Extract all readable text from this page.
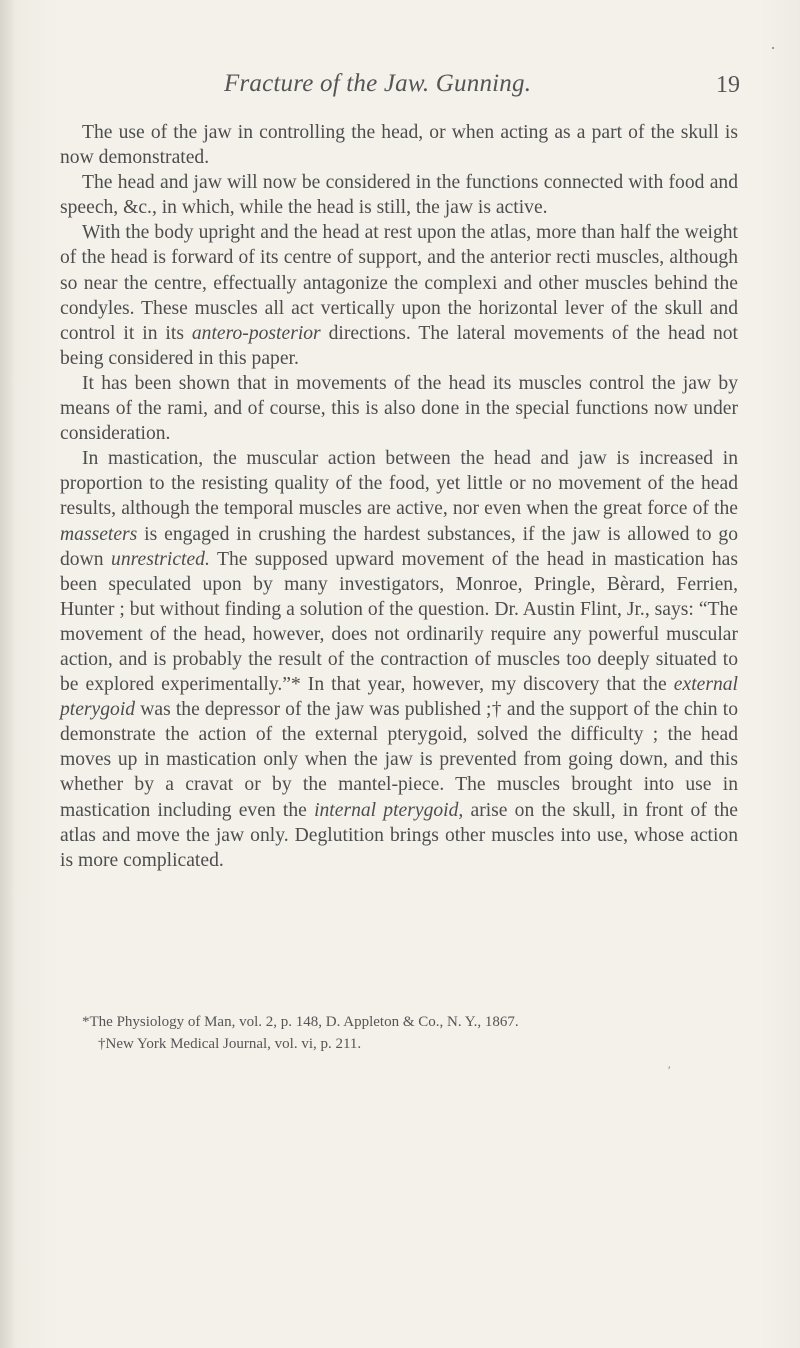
Fracture of the Jaw. Gunning.	19
·

The use of the jaw in controlling the head, or when acting as a part of the skull is now demonstrated.

The head and jaw will now be considered in the functions connected with food and speech, &c., in which, while the head is still, the jaw is active.

With the body upright and the head at rest upon the atlas, more than half the weight of the head is forward of its centre of support, and the anterior recti muscles, although so near the centre, effectually antagonize the complexi and other muscles behind the condyles. These muscles all act vertically upon the horizontal lever of the skull and control it in its antero-posterior directions. The lateral movements of the head not being considered in this paper.

It has been shown that in movements of the head its muscles control the jaw by means of the rami, and of course, this is also done in the special functions now under consideration.

In mastication, the muscular action between the head and jaw is increased in proportion to the resisting quality of the food, yet little or no movement of the head results, although the temporal muscles are active, nor even when the great force of the masseters is engaged in crushing the hardest substances, if the jaw is allowed to go down unrestricted. The supposed upward movement of the head in mastication has been speculated upon by many investigators, Monroe, Pringle, Bèrard, Ferrien, Hunter ; but without finding a solution of the question. Dr. Austin Flint, Jr., says: “The movement of the head, however, does not ordinarily require any powerful muscular action, and is probably the result of the contraction of muscles too deeply situated to be explored experimentally.”* In that year, however, my discovery that the external pterygoid was the depressor of the jaw was published ;† and the support of the chin to demonstrate the action of the external pterygoid, solved the difficulty ; the head moves up in mastication only when the jaw is prevented from going down, and this whether by a cravat or by the mantel-piece. The muscles brought into use in mastication including even the internal pterygoid, arise on the skull, in front of the atlas and move the jaw only. Deglutition brings other muscles into use, whose action is more complicated.

*The Physiology of Man, vol. 2, p. 148, D. Appleton & Co., N. Y., 1867.

†New York Medical Journal, vol. vi, p. 211.

′
